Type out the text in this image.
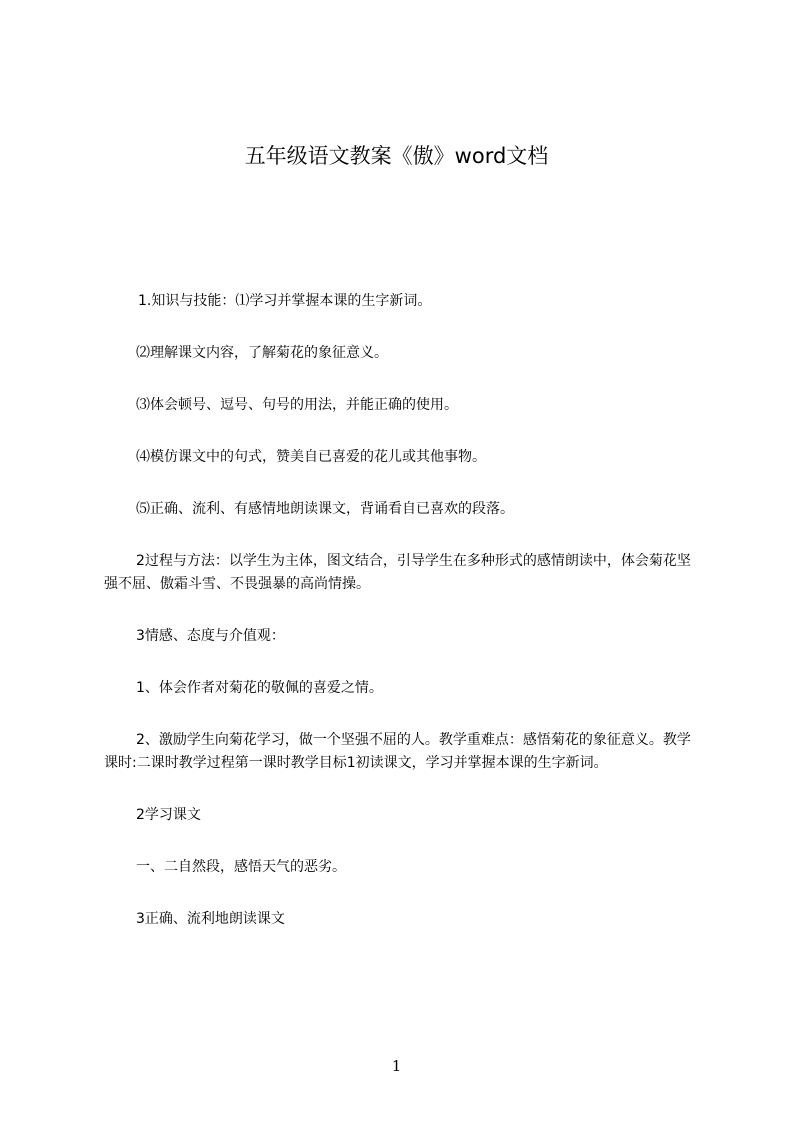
五年级语文教案《傲》word文档

1.知识与技能：⑴学习并掌握本课的生字新词。

⑵理解课文内容，了解菊花的象征意义。

⑶体会顿号、逗号、句号的用法，并能正确的使用。

⑷模仿课文中的句式，赞美自已喜爱的花儿或其他事物。

⑸正确、流利、有感情地朗读课文，背诵看自已喜欢的段落。

2过程与方法：以学生为主体，图文结合，引导学生在多种形式的感情朗读中，体会菊花坚强不屈、傲霜斗雪、不畏强暴的高尚情操。

3情感、态度与介值观：

1、体会作者对菊花的敬佩的喜爱之情。

2、激励学生向菊花学习，做一个坚强不屈的人。教学重难点：感悟菊花的象征意义。教学课时:二课时教学过程第一课时教学目标1初读课文，学习并掌握本课的生字新词。

2学习课文

一、二自然段，感悟天气的恶劣。

3正确、流利地朗读课文

1
